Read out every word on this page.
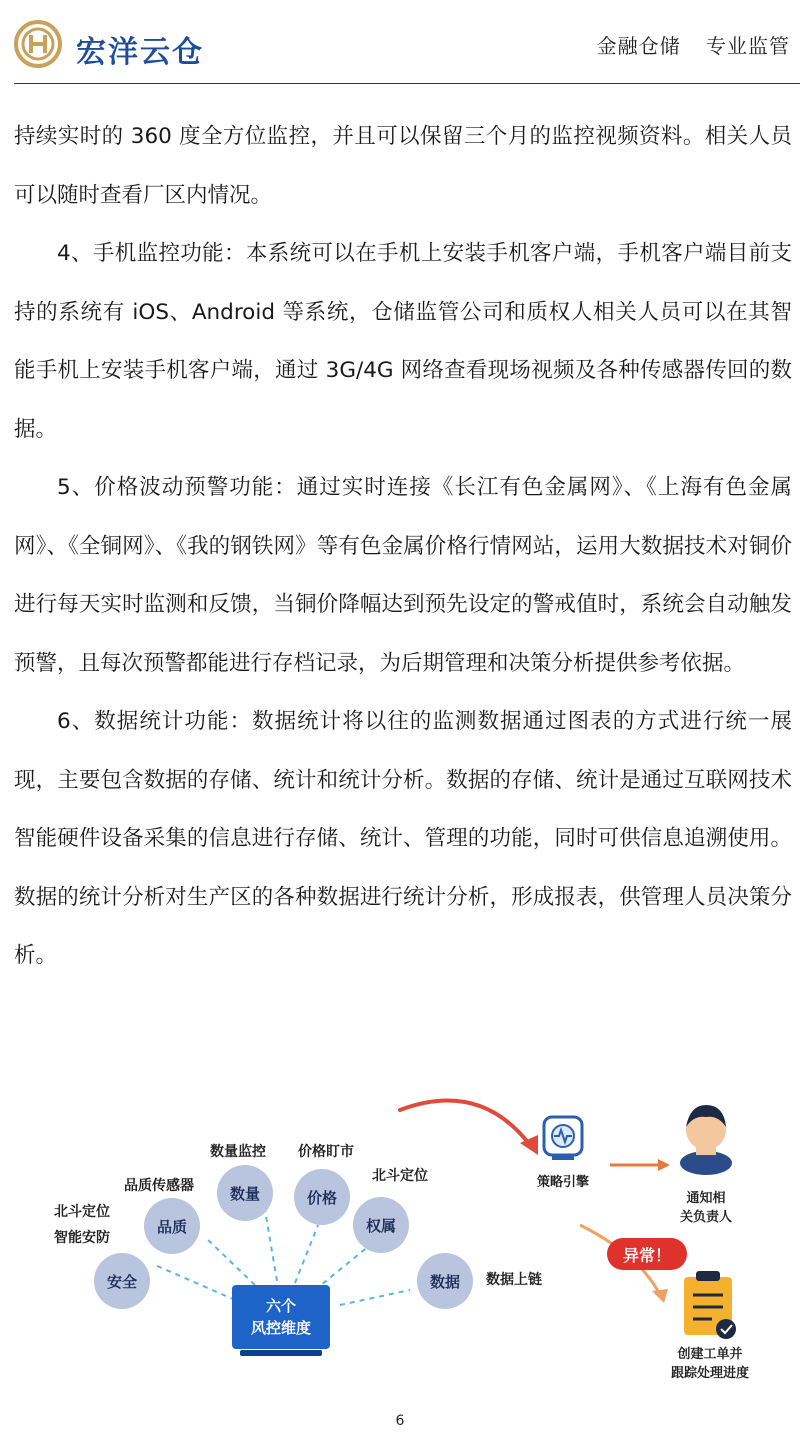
宏洋云仓	金融仓储 专业监管

持续实时的 360 度全方位监控，并且可以保留三个月的监控视频资料。相关人员可以随时查看厂区内情况。

4、手机监控功能：本系统可以在手机上安装手机客户端，手机客户端目前支持的系统有 iOS、Android 等系统，仓储监管公司和质权人相关人员可以在其智能手机上安装手机客户端，通过 3G/4G 网络查看现场视频及各种传感器传回的数据。

5、价格波动预警功能：通过实时连接《长江有色金属网》、《上海有色金属网》、《全铜网》、《我的钢铁网》等有色金属价格行情网站，运用大数据技术对铜价进行每天实时监测和反馈，当铜价降幅达到预先设定的警戒值时，系统会自动触发预警，且每次预警都能进行存档记录，为后期管理和决策分析提供参考依据。

6、数据统计功能：数据统计将以往的监测数据通过图表的方式进行统一展现，主要包含数据的存储、统计和统计分析。数据的存储、统计是通过互联网技术智能硬件设备采集的信息进行存储、统计、管理的功能，同时可供信息追溯使用。数据的统计分析对生产区的各种数据进行统计分析，形成报表，供管理人员决策分析。

安全
品质
数量	价格
权属
数据
北斗定位
智能安防
品质传感器
数量监控 价格盯市
北斗定位
数据上链
六个
风控维度
策略引擎
通知相
关负责人
异常！
创建工单并
跟踪处理进度
6
